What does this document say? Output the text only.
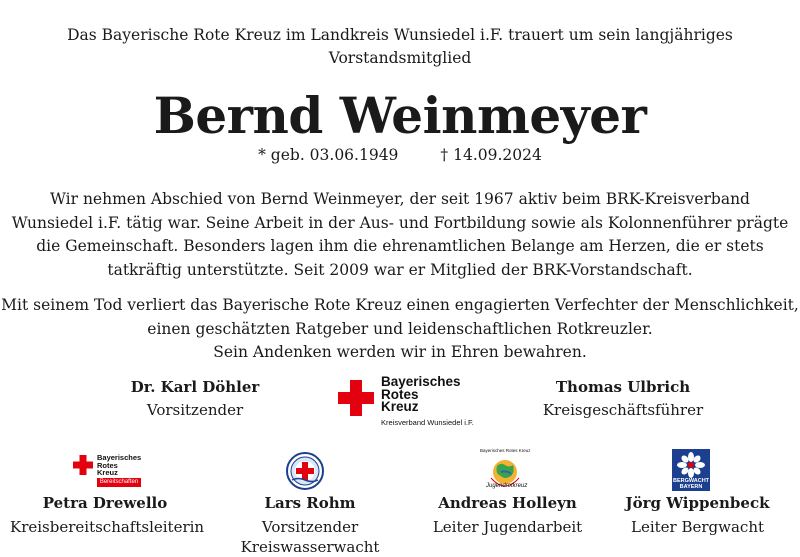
Das Bayerische Rote Kreuz im Landkreis Wunsiedel i.F. trauert um sein langjähriges
Vorstandsmitglied
Bernd Weinmeyer
* geb. 03.06.1949	† 14.09.2024
Wir nehmen Abschied von Bernd Weinmeyer, der seit 1967 aktiv beim BRK-Kreisverband
Wunsiedel i.F. tätig war. Seine Arbeit in der Aus- und Fortbildung sowie als Kolonnenführer prägte
die Gemeinschaft. Besonders lagen ihm die ehrenamtlichen Belange am Herzen, die er stets
tatkräftig unterstützte. Seit 2009 war er Mitglied der BRK-Vorstandschaft.
Mit seinem Tod verliert das Bayerische Rote Kreuz einen engagierten Verfechter der Menschlichkeit,
einen geschätzten Ratgeber und leidenschaftlichen Rotkreuzler.
Sein Andenken werden wir in Ehren bewahren.
Dr. Karl Döhler
Vorsitzender
Bayerisches
Rotes
Kreuz
Kreisverband Wunsiedel i.F.
Thomas Ulbrich
Kreisgeschäftsführer
Bayerisches
Rotes
Kreuz
Bereitschaften
Bayerisches Rotes Kreuz
Jugendrotkreuz
BERGWACHT
BAYERN
Petra Drewello
Kreisbereitschaftsleiterin
Lars Rohm
Vorsitzender Kreiswasserwacht
Andreas Holleyn
Leiter Jugendarbeit
Jörg Wippenbeck
Leiter Bergwacht
